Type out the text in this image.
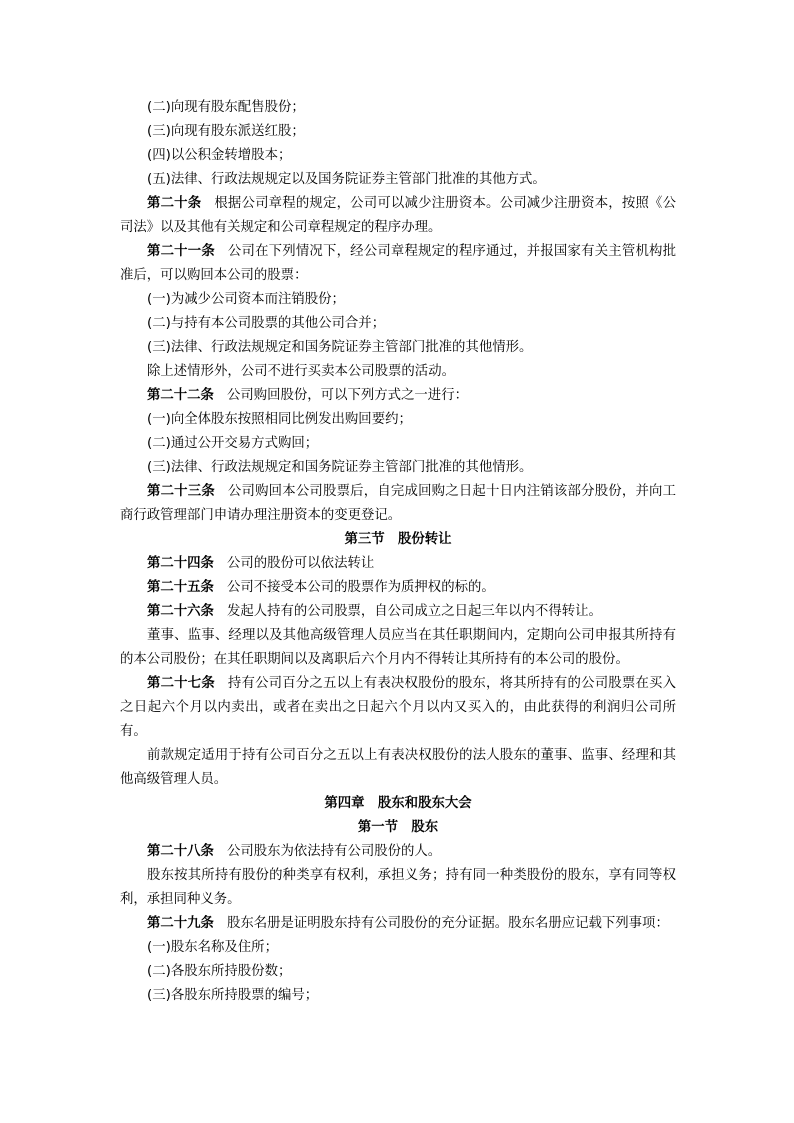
(二)向现有股东配售股份；

(三)向现有股东派送红股；

(四)以公积金转增股本；

(五)法律、行政法规规定以及国务院证券主管部门批准的其他方式。

第二十条 根据公司章程的规定，公司可以减少注册资本。公司减少注册资本，按照《公司法》以及其他有关规定和公司章程规定的程序办理。

第二十一条 公司在下列情况下，经公司章程规定的程序通过，并报国家有关主管机构批准后，可以购回本公司的股票：

(一)为减少公司资本而注销股份；

(二)与持有本公司股票的其他公司合并；

(三)法律、行政法规规定和国务院证券主管部门批准的其他情形。

除上述情形外，公司不进行买卖本公司股票的活动。

第二十二条 公司购回股份，可以下列方式之一进行：

(一)向全体股东按照相同比例发出购回要约；

(二)通过公开交易方式购回；

(三)法律、行政法规规定和国务院证券主管部门批准的其他情形。

第二十三条 公司购回本公司股票后，自完成回购之日起十日内注销该部分股份，并向工商行政管理部门申请办理注册资本的变更登记。

第三节　股份转让

第二十四条 公司的股份可以依法转让

第二十五条 公司不接受本公司的股票作为质押权的标的。

第二十六条 发起人持有的公司股票，自公司成立之日起三年以内不得转让。

董事、监事、经理以及其他高级管理人员应当在其任职期间内，定期向公司申报其所持有的本公司股份；在其任职期间以及离职后六个月内不得转让其所持有的本公司的股份。

第二十七条 持有公司百分之五以上有表决权股份的股东，将其所持有的公司股票在买入之日起六个月以内卖出，或者在卖出之日起六个月以内又买入的，由此获得的利润归公司所有。

前款规定适用于持有公司百分之五以上有表决权股份的法人股东的董事、监事、经理和其他高级管理人员。

第四章　股东和股东大会

第一节　股东

第二十八条 公司股东为依法持有公司股份的人。

股东按其所持有股份的种类享有权利，承担义务；持有同一种类股份的股东，享有同等权利，承担同种义务。

第二十九条 股东名册是证明股东持有公司股份的充分证据。股东名册应记载下列事项：

(一)股东名称及住所；

(二)各股东所持股份数；

(三)各股东所持股票的编号；
